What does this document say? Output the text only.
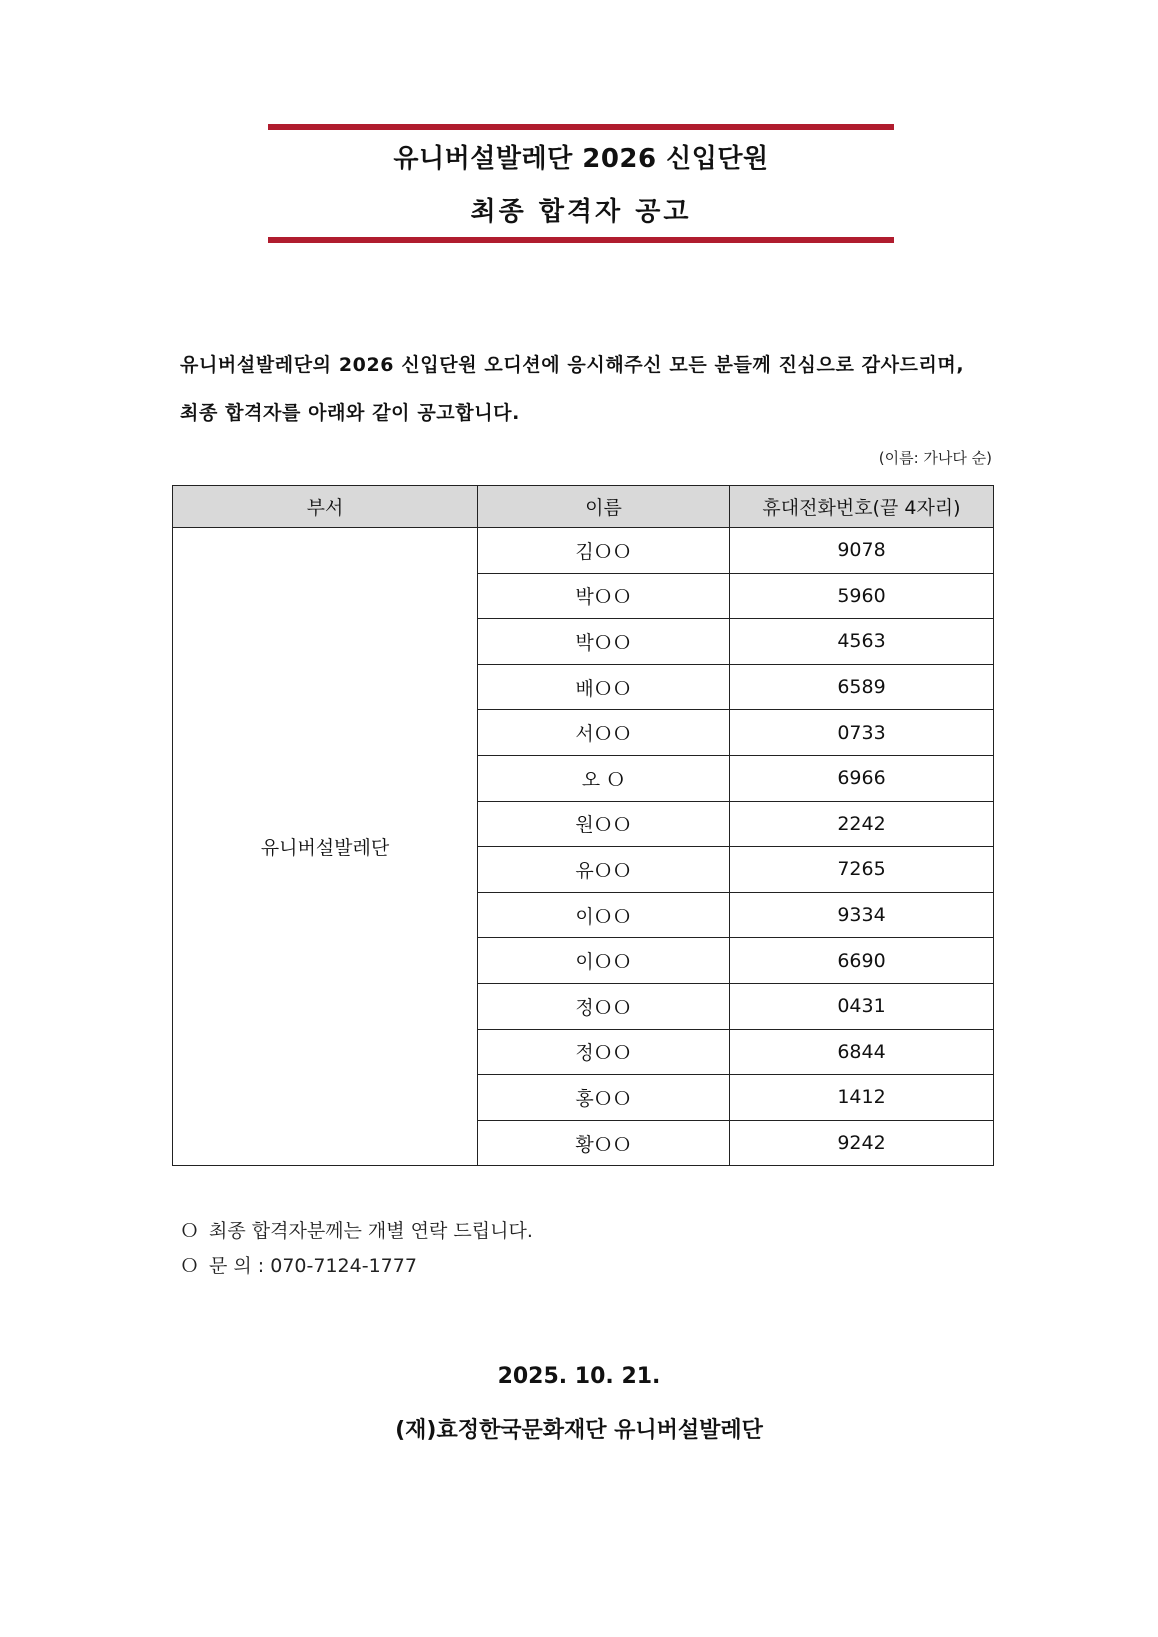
유니버설발레단 2026 신입단원
최종 합격자 공고
유니버설발레단의 2026 신입단원 오디션에 응시해주신 모든 분들께 진심으로 감사드리며,
최종 합격자를 아래와 같이 공고합니다.
(이름: 가나다 순)
부서	이름	휴대전화번호(끝 4자리)
유니버설발레단	김ＯＯ	9078
	박ＯＯ	5960
	박ＯＯ	4563
	배ＯＯ	6589
	서ＯＯ	0733
	오 Ｏ	6966
	원ＯＯ	2242
	유ＯＯ	7265
	이ＯＯ	9334
	이ＯＯ	6690
	정ＯＯ	0431
	정ＯＯ	6844
	홍ＯＯ	1412
	황ＯＯ	9242
Ｏ 최종 합격자분께는 개별 연락 드립니다.
Ｏ 문 의 : 070-7124-1777
2025. 10. 21.
(재)효정한국문화재단 유니버설발레단
